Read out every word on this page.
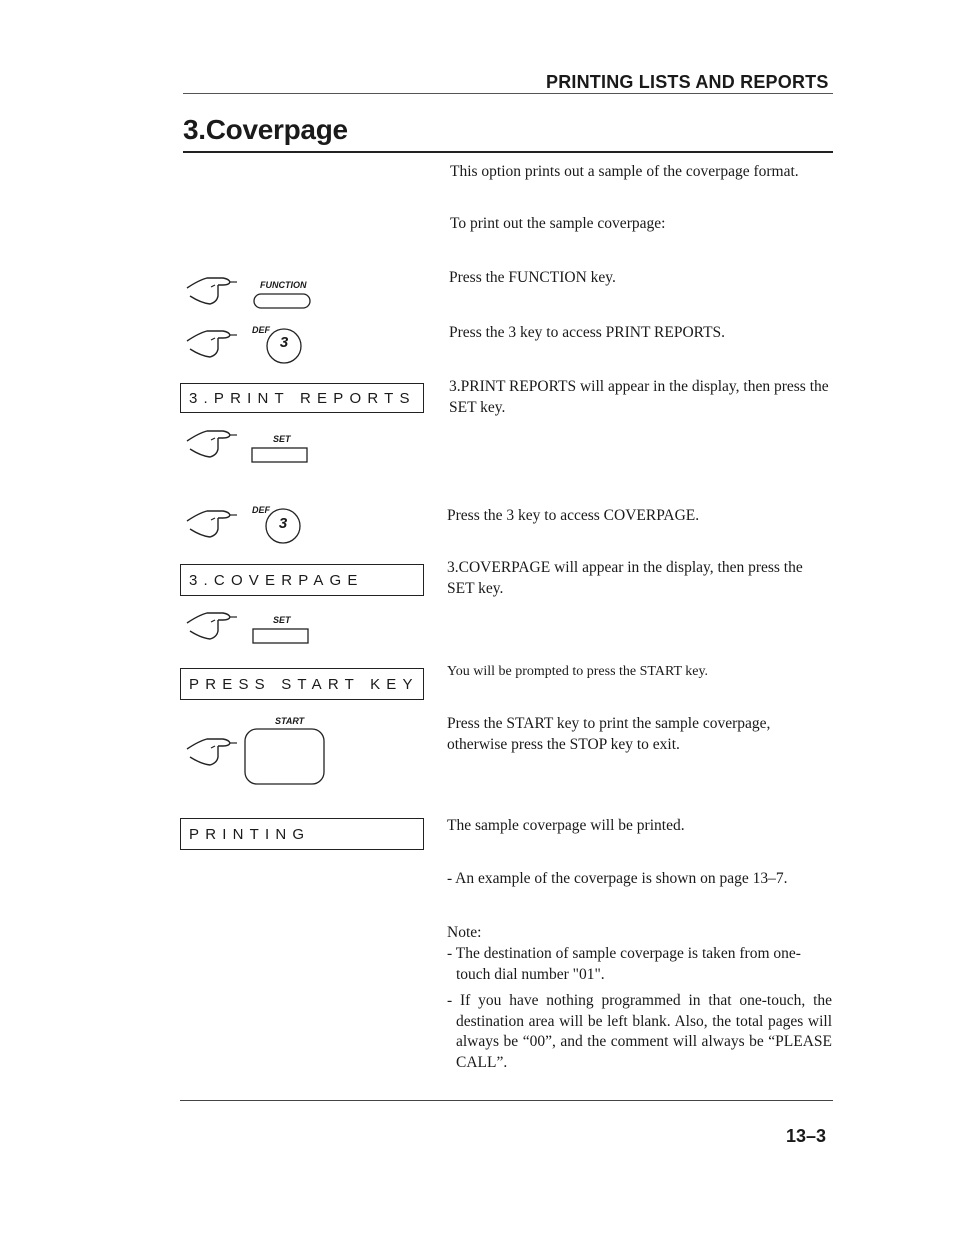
PRINTING LISTS AND REPORTS
3.Coverpage
This option prints out a sample of the coverpage format.
To print out the sample coverpage:
Press the FUNCTION key.
Press the 3 key to access PRINT REPORTS.
3.PRINT REPORTS will appear in the display, then press the SET key.
Press the 3 key to access COVERPAGE.
3.COVERPAGE will appear in the display, then press the SET key.
You will be prompted to press the START key.
Press the START key to print the sample coverpage, otherwise press the STOP key to exit.
The sample coverpage will be printed.
- An example of the coverpage is shown on page 13–7.
Note:
- The destination of sample coverpage is taken from one-touch dial number "01".
- If you have nothing programmed in that one-touch, the destination area will be left blank. Also, the total pages will always be “00”, and the comment will always be “PLEASE CALL”.
FUNCTION
DEF
3
3.PRINT REPORTS
SET
DEF
3
3.COVERPAGE
SET
PRESS START KEY
START
PRINTING
13–3
